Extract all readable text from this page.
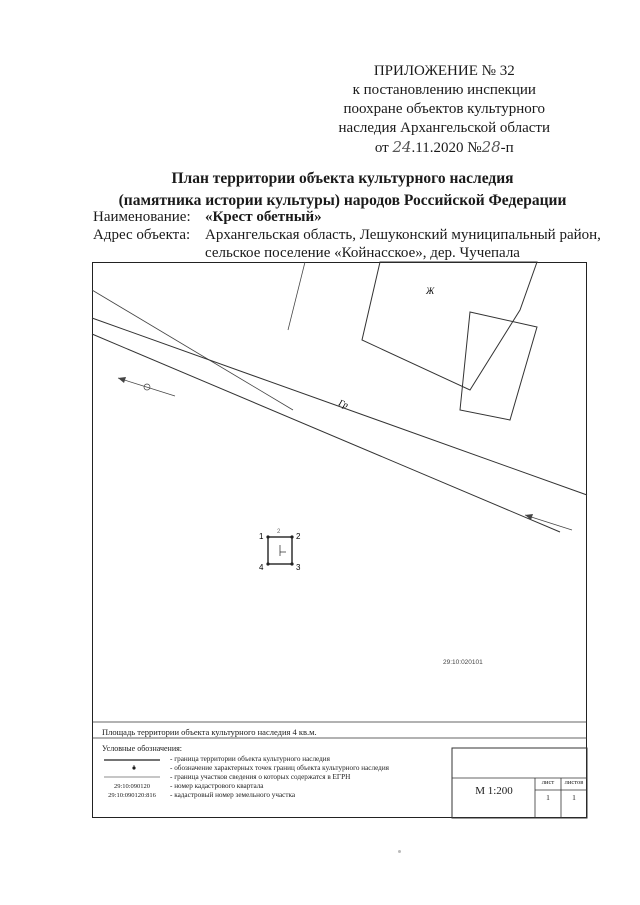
ПРИЛОЖЕНИЕ № 32
к постановлению инспекции
поохране объектов культурного
наследия Архангельской области
от 24.11.2020 №28-п
План территории объекта культурного наследия
(памятника истории культуры) народов Российской Федерации
Наименование: «Крест обетный»
Адрес объекта: Архангельская область, Лешуконский муниципальный район,
сельское поселение «Койнасское», дер. Чучепала
Ж
Гр
1	2
3
4
2
29:10:020101
Площадь территории объекта культурного наследия 4 кв.м.
Условные обозначения:
- граница территории объекта культурного наследия
1	- обозначение характерных точек границ объекта культурного наследия
- граница участков сведения о которых содержатся в ЕГРН
29:10:090120	- номер кадастрового квартала
29:10:090120:816	- кадастровый номер земельного участка	М 1:200
лист	листов
1	1
